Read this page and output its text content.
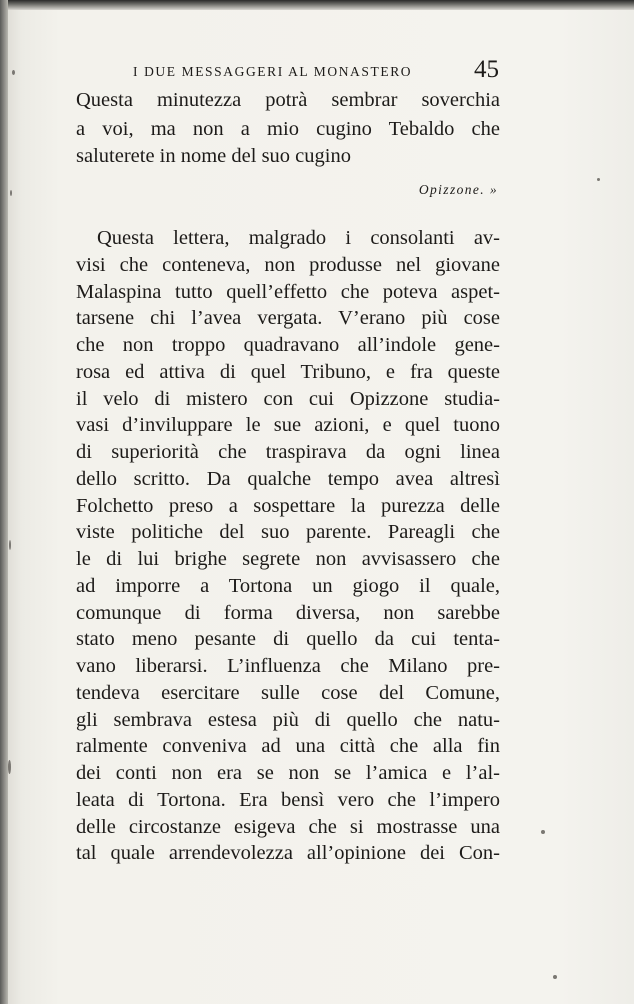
I DUE MESSAGGERI AL MONASTERO 45
Questa minutezza potrà sembrar soverchia
a voi, ma non a mio cugino Tebaldo che
saluterete in nome del suo cugino
Opizzone. »
Questa lettera, malgrado i consolanti av-
visi che conteneva, non produsse nel giovane
Malaspina tutto quell’effetto che poteva aspet-
tarsene chi l’avea vergata. V’erano più cose
che non troppo quadravano all’indole gene-
rosa ed attiva di quel Tribuno, e fra queste
il velo di mistero con cui Opizzone studia-
vasi d’inviluppare le sue azioni, e quel tuono
di superiorità che traspirava da ogni linea
dello scritto. Da qualche tempo avea altresì
Folchetto preso a sospettare la purezza delle
viste politiche del suo parente. Pareagli che
le di lui brighe segrete non avvisassero che
ad imporre a Tortona un giogo il quale,
comunque di forma diversa, non sarebbe
stato meno pesante di quello da cui tenta-
vano liberarsi. L’influenza che Milano pre-
tendeva esercitare sulle cose del Comune,
gli sembrava estesa più di quello che natu-
ralmente conveniva ad una città che alla fin
dei conti non era se non se l’amica e l’al-
leata di Tortona. Era bensì vero che l’impero
delle circostanze esigeva che si mostrasse una
tal quale arrendevolezza all’opinione dei Con-
